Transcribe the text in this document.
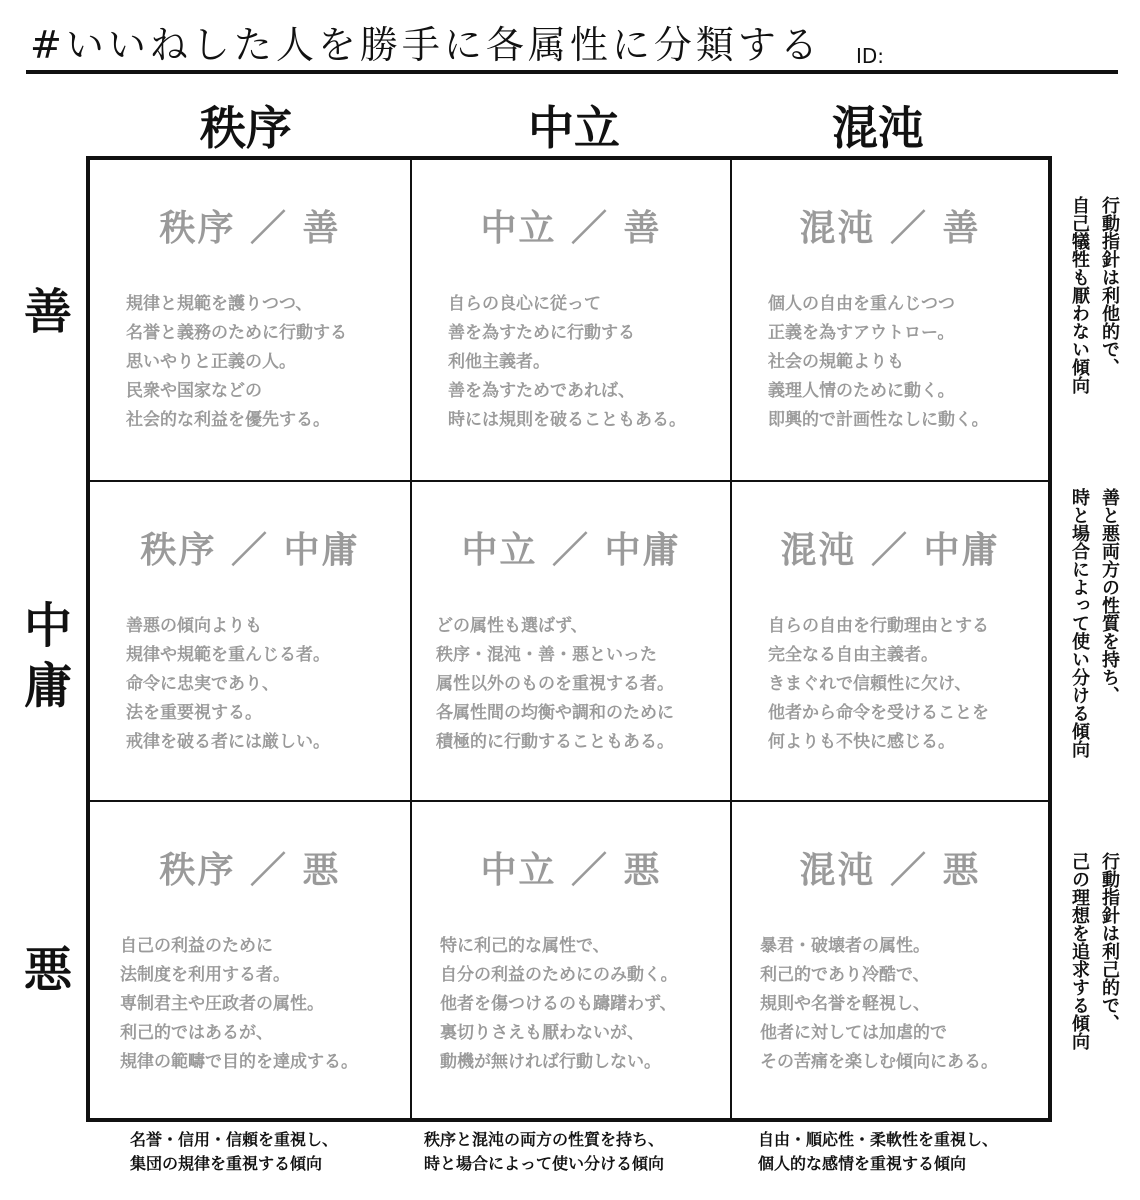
#いいねした人を勝手に各属性に分類する ID:
秩序	中立	混沌
善
中庸
悪
秩序 ／ 善
規律と規範を護りつつ、
名誉と義務のために行動する
思いやりと正義の人。
民衆や国家などの
社会的な利益を優先する。
中立 ／ 善
自らの良心に従って
善を為すために行動する
利他主義者。
善を為すためであれば、
時には規則を破ることもある。
混沌 ／ 善
個人の自由を重んじつつ
正義を為すアウトロー。
社会の規範よりも
義理人情のために動く。
即興的で計画性なしに動く。
秩序 ／ 中庸
善悪の傾向よりも
規律や規範を重んじる者。
命令に忠実であり、
法を重要視する。
戒律を破る者には厳しい。
中立 ／ 中庸
どの属性も選ばず、
秩序・混沌・善・悪といった
属性以外のものを重視する者。
各属性間の均衡や調和のために
積極的に行動することもある。
混沌 ／ 中庸
自らの自由を行動理由とする
完全なる自由主義者。
きまぐれで信頼性に欠け、
他者から命令を受けることを
何よりも不快に感じる。
秩序 ／ 悪
自己の利益のために
法制度を利用する者。
専制君主や圧政者の属性。
利己的ではあるが、
規律の範疇で目的を達成する。
中立 ／ 悪
特に利己的な属性で、
自分の利益のためにのみ動く。
他者を傷つけるのも躊躇わず、
裏切りさえも厭わないが、
動機が無ければ行動しない。
混沌 ／ 悪
暴君・破壊者の属性。
利己的であり冷酷で、
規則や名誉を軽視し、
他者に対しては加虐的で
その苦痛を楽しむ傾向にある。
行動指針は利他的で、
自己犠牲も厭わない傾向
善と悪両方の性質を持ち、
時と場合によって使い分ける傾向
行動指針は利己的で、
己の理想を追求する傾向
名誉・信用・信頼を重視し、
集団の規律を重視する傾向
秩序と混沌の両方の性質を持ち、
時と場合によって使い分ける傾向
自由・順応性・柔軟性を重視し、
個人的な感情を重視する傾向
